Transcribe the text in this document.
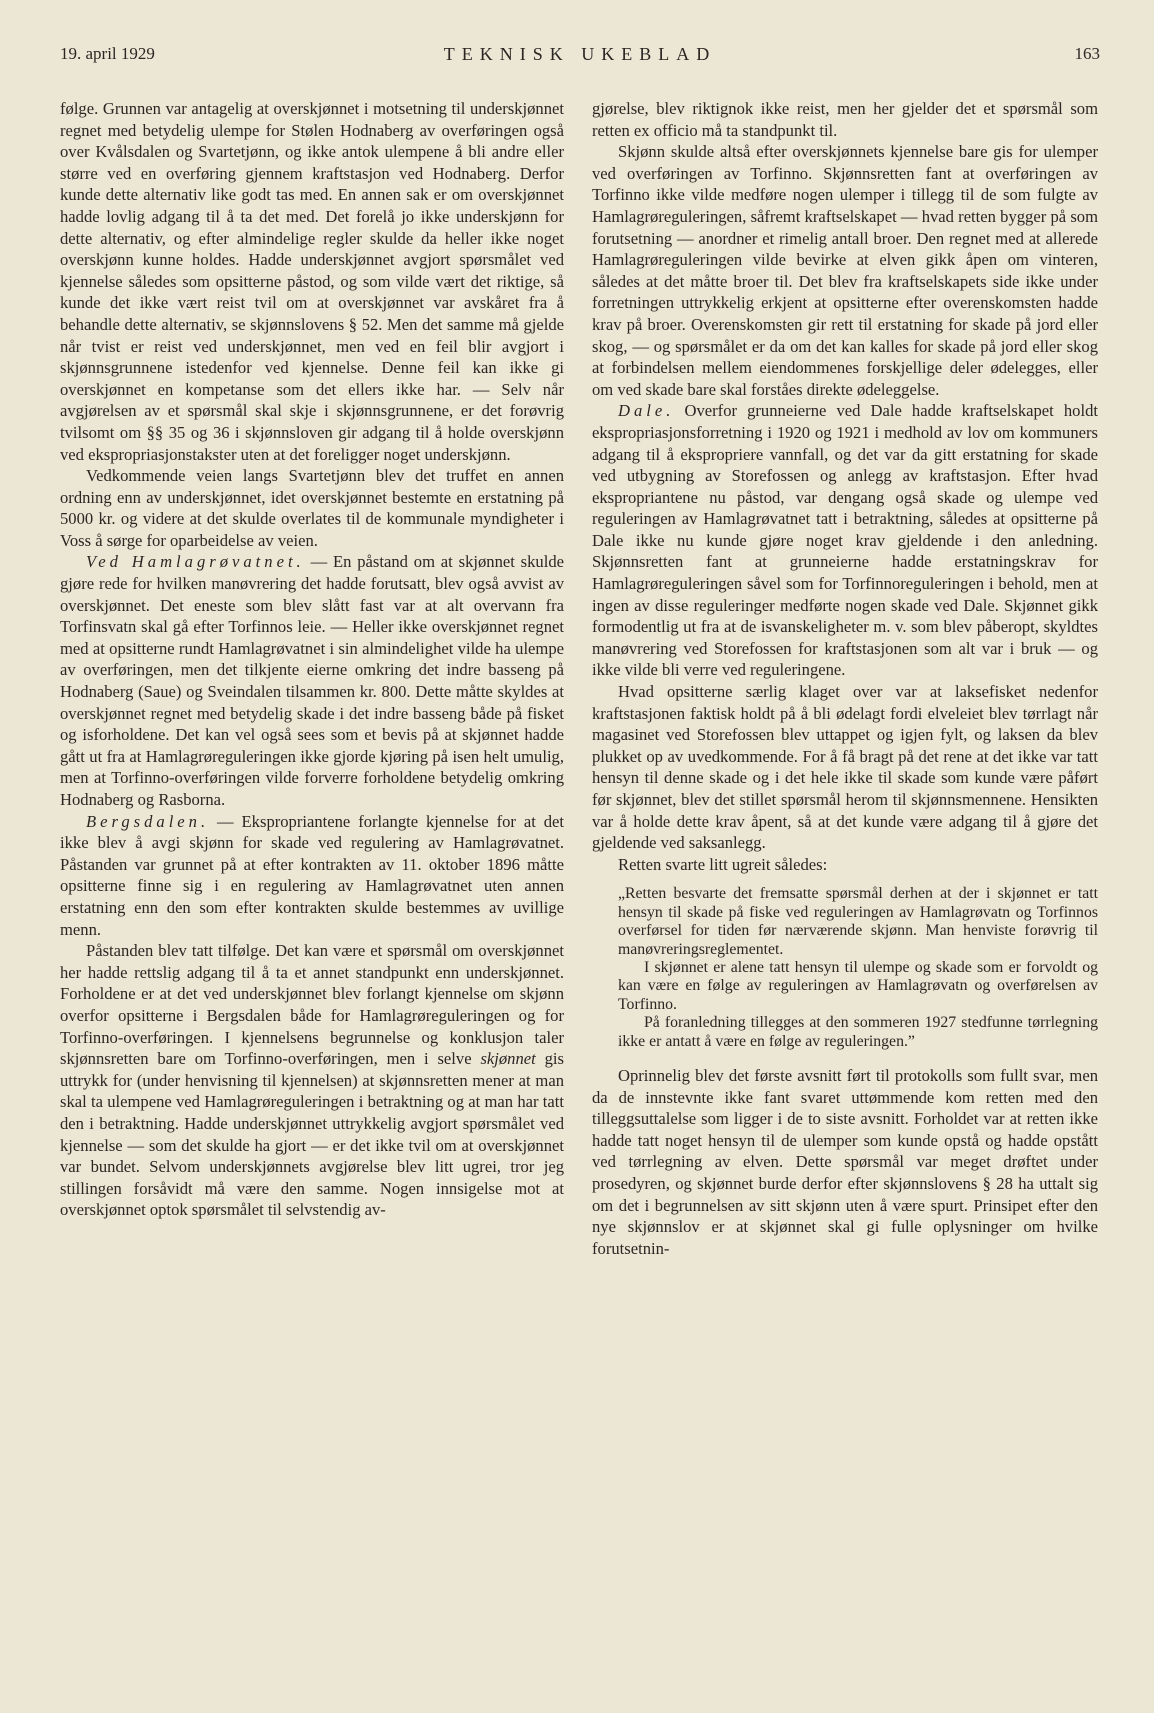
19. april 1929	TEKNISK UKEBLAD	163

følge. Grunnen var antagelig at overskjønnet i motsetning til underskjønnet regnet med betydelig ulempe for Stølen Hodnaberg av overføringen også over Kvålsdalen og Svartetjønn, og ikke antok ulempene å bli andre eller større ved en overføring gjennem kraftstasjon ved Hodnaberg. Derfor kunde dette alternativ like godt tas med. En annen sak er om overskjønnet hadde lovlig adgang til å ta det med. Det forelå jo ikke underskjønn for dette alternativ, og efter almindelige regler skulde da heller ikke noget overskjønn kunne holdes. Hadde underskjønnet avgjort spørsmålet ved kjennelse således som opsitterne påstod, og som vilde vært det riktige, så kunde det ikke vært reist tvil om at overskjønnet var avskåret fra å behandle dette alternativ, se skjønnslovens § 52. Men det samme må gjelde når tvist er reist ved underskjønnet, men ved en feil blir avgjort i skjønnsgrunnene istedenfor ved kjennelse. Denne feil kan ikke gi overskjønnet en kompetanse som det ellers ikke har. — Selv når avgjørelsen av et spørsmål skal skje i skjønnsgrunnene, er det forøvrig tvilsomt om §§ 35 og 36 i skjønnsloven gir adgang til å holde overskjønn ved ekspropriasjonstakster uten at det foreligger noget underskjønn.

Vedkommende veien langs Svartetjønn blev det truffet en annen ordning enn av underskjønnet, idet overskjønnet bestemte en erstatning på 5000 kr. og videre at det skulde overlates til de kommunale myndigheter i Voss å sørge for oparbeidelse av veien.

Ved Hamlagrøvatnet. — En påstand om at skjønnet skulde gjøre rede for hvilken manøvrering det hadde forutsatt, blev også avvist av overskjønnet. Det eneste som blev slått fast var at alt overvann fra Torfinsvatn skal gå efter Torfinnos leie. — Heller ikke overskjønnet regnet med at opsitterne rundt Hamlagrøvatnet i sin almindelighet vilde ha ulempe av overføringen, men det tilkjente eierne omkring det indre basseng på Hodnaberg (Saue) og Sveindalen tilsammen kr. 800. Dette måtte skyldes at overskjønnet regnet med betydelig skade i det indre basseng både på fisket og isforholdene. Det kan vel også sees som et bevis på at skjønnet hadde gått ut fra at Hamlagrøreguleringen ikke gjorde kjøring på isen helt umulig, men at Torfinno-overføringen vilde forverre forholdene betydelig omkring Hodnaberg og Rasborna.

Bergsdalen. — Ekspropriantene forlangte kjennelse for at det ikke blev å avgi skjønn for skade ved regulering av Hamlagrøvatnet. Påstanden var grunnet på at efter kontrakten av 11. oktober 1896 måtte opsitterne finne sig i en regulering av Hamlagrøvatnet uten annen erstatning enn den som efter kontrakten skulde bestemmes av uvillige menn.

Påstanden blev tatt tilfølge. Det kan være et spørsmål om overskjønnet her hadde rettslig adgang til å ta et annet standpunkt enn underskjønnet. Forholdene er at det ved underskjønnet blev forlangt kjennelse om skjønn overfor opsitterne i Bergsdalen både for Hamlagrøreguleringen og for Torfinno-overføringen. I kjennelsens begrunnelse og konklusjon taler skjønnsretten bare om Torfinno-overføringen, men i selve skjønnet gis uttrykk for (under henvisning til kjennelsen) at skjønnsretten mener at man skal ta ulempene ved Hamlagrøreguleringen i betraktning og at man har tatt den i betraktning. Hadde underskjønnet uttrykkelig avgjort spørsmålet ved kjennelse — som det skulde ha gjort — er det ikke tvil om at overskjønnet var bundet. Selvom underskjønnets avgjørelse blev litt ugrei, tror jeg stillingen forsåvidt må være den samme. Nogen innsigelse mot at overskjønnet optok spørsmålet til selvstendig av-

gjørelse, blev riktignok ikke reist, men her gjelder det et spørsmål som retten ex officio må ta standpunkt til.

Skjønn skulde altså efter overskjønnets kjennelse bare gis for ulemper ved overføringen av Torfinno. Skjønnsretten fant at overføringen av Torfinno ikke vilde medføre nogen ulemper i tillegg til de som fulgte av Hamlagrøreguleringen, såfremt kraftselskapet — hvad retten bygger på som forutsetning — anordner et rimelig antall broer. Den regnet med at allerede Hamlagrøreguleringen vilde bevirke at elven gikk åpen om vinteren, således at det måtte broer til. Det blev fra kraftselskapets side ikke under forretningen uttrykkelig erkjent at opsitterne efter overenskomsten hadde krav på broer. Overenskomsten gir rett til erstatning for skade på jord eller skog, — og spørsmålet er da om det kan kalles for skade på jord eller skog at forbindelsen mellem eiendommenes forskjellige deler ødelegges, eller om ved skade bare skal forståes direkte ødeleggelse.

Dale. Overfor grunneierne ved Dale hadde kraftselskapet holdt ekspropriasjonsforretning i 1920 og 1921 i medhold av lov om kommuners adgang til å ekspropriere vannfall, og det var da gitt erstatning for skade ved utbygning av Storefossen og anlegg av kraftstasjon. Efter hvad ekspropriantene nu påstod, var dengang også skade og ulempe ved reguleringen av Hamlagrøvatnet tatt i betraktning, således at opsitterne på Dale ikke nu kunde gjøre noget krav gjeldende i den anledning. Skjønnsretten fant at grunneierne hadde erstatningskrav for Hamlagrøreguleringen såvel som for Torfinnoreguleringen i behold, men at ingen av disse reguleringer medførte nogen skade ved Dale. Skjønnet gikk formodentlig ut fra at de isvanskeligheter m. v. som blev påberopt, skyldtes manøvrering ved Storefossen for kraftstasjonen som alt var i bruk — og ikke vilde bli verre ved reguleringene.

Hvad opsitterne særlig klaget over var at laksefisket nedenfor kraftstasjonen faktisk holdt på å bli ødelagt fordi elveleiet blev tørrlagt når magasinet ved Storefossen blev uttappet og igjen fylt, og laksen da blev plukket op av uvedkommende. For å få bragt på det rene at det ikke var tatt hensyn til denne skade og i det hele ikke til skade som kunde være påført før skjønnet, blev det stillet spørsmål herom til skjønnsmennene. Hensikten var å holde dette krav åpent, så at det kunde være adgang til å gjøre det gjeldende ved saksanlegg.

Retten svarte litt ugreit således:

„Retten besvarte det fremsatte spørsmål derhen at der i skjønnet er tatt hensyn til skade på fiske ved reguleringen av Hamlagrøvatn og Torfinnos overførsel for tiden før nærværende skjønn. Man henviste forøvrig til manøvreringsreglementet.

I skjønnet er alene tatt hensyn til ulempe og skade som er forvoldt og kan være en følge av reguleringen av Hamlagrøvatn og overførelsen av Torfinno.

På foranledning tillegges at den sommeren 1927 stedfunne tørrlegning ikke er antatt å være en følge av reguleringen.”

Oprinnelig blev det første avsnitt ført til protokolls som fullt svar, men da de innstevnte ikke fant svaret uttømmende kom retten med den tilleggsuttalelse som ligger i de to siste avsnitt. Forholdet var at retten ikke hadde tatt noget hensyn til de ulemper som kunde opstå og hadde opstått ved tørrlegning av elven. Dette spørsmål var meget drøftet under prosedyren, og skjønnet burde derfor efter skjønnslovens § 28 ha uttalt sig om det i begrunnelsen av sitt skjønn uten å være spurt. Prinsipet efter den nye skjønnslov er at skjønnet skal gi fulle oplysninger om hvilke forutsetnin-
